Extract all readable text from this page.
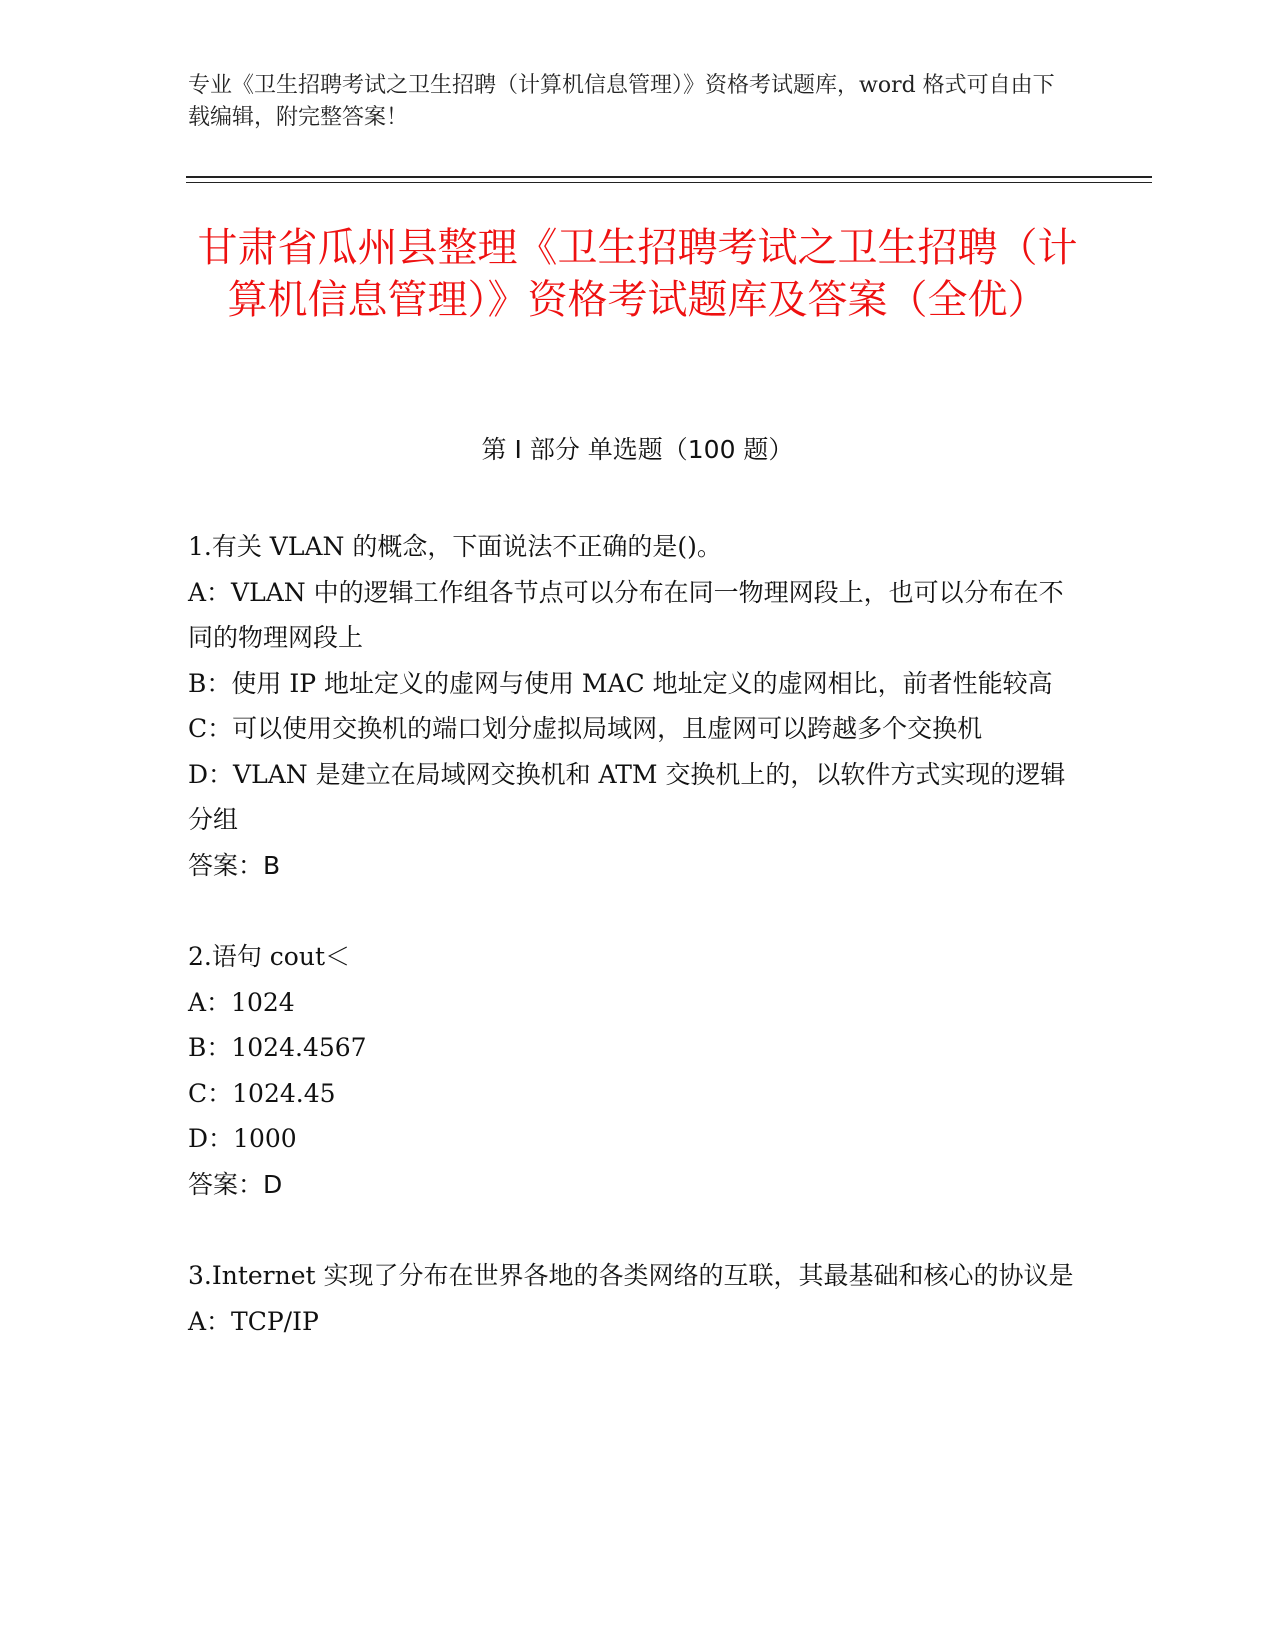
专业《卫生招聘考试之卫生招聘（计算机信息管理）》资格考试题库，word 格式可自由下载编辑，附完整答案！
甘肃省瓜州县整理《卫生招聘考试之卫生招聘（计算机信息管理）》资格考试题库及答案（全优）
第 I 部分 单选题（100 题）
1.有关 VLAN 的概念，下面说法不正确的是()。
A：VLAN 中的逻辑工作组各节点可以分布在同一物理网段上，也可以分布在不同的物理网段上
B：使用 IP 地址定义的虚网与使用 MAC 地址定义的虚网相比，前者性能较高
C：可以使用交换机的端口划分虚拟局域网，且虚网可以跨越多个交换机
D：VLAN 是建立在局域网交换机和 ATM 交换机上的，以软件方式实现的逻辑分组
答案：B
2.语句 cout＜
A：1024
B：1024.4567
C：1024.45
D：1000
答案：D
3.Internet 实现了分布在世界各地的各类网络的互联，其最基础和核心的协议是
A：TCP/IP
